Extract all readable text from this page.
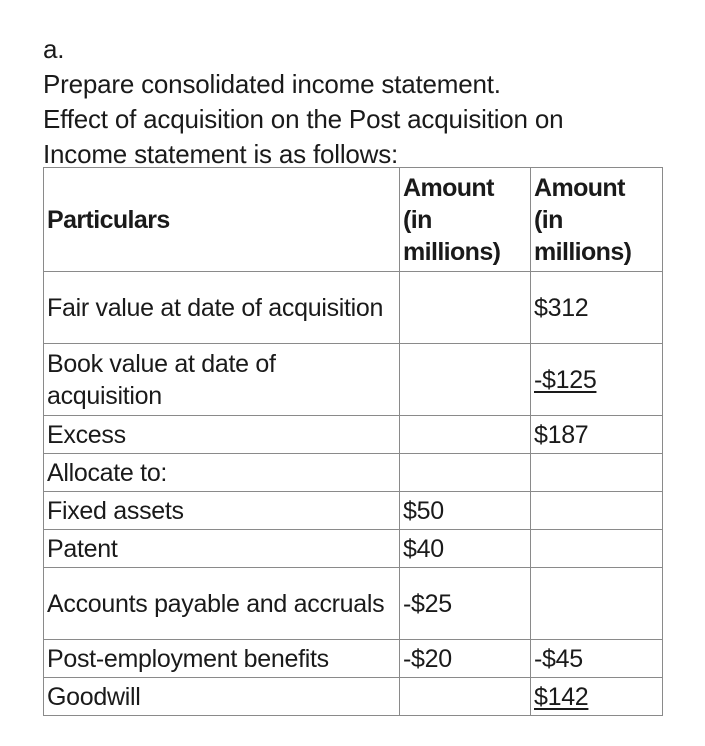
a.
Prepare consolidated income statement.
Effect of acquisition on the Post acquisition on
Income statement is as follows:
Particulars	Amount (in millions)	Amount (in millions)
Fair value at date of acquisition		$312
Book value at date of acquisition		-$125
Excess		$187
Allocate to:		
Fixed assets	$50	
Patent	$40	
Accounts payable and accruals	-$25	
Post-employment benefits	-$20	-$45
Goodwill		$142
